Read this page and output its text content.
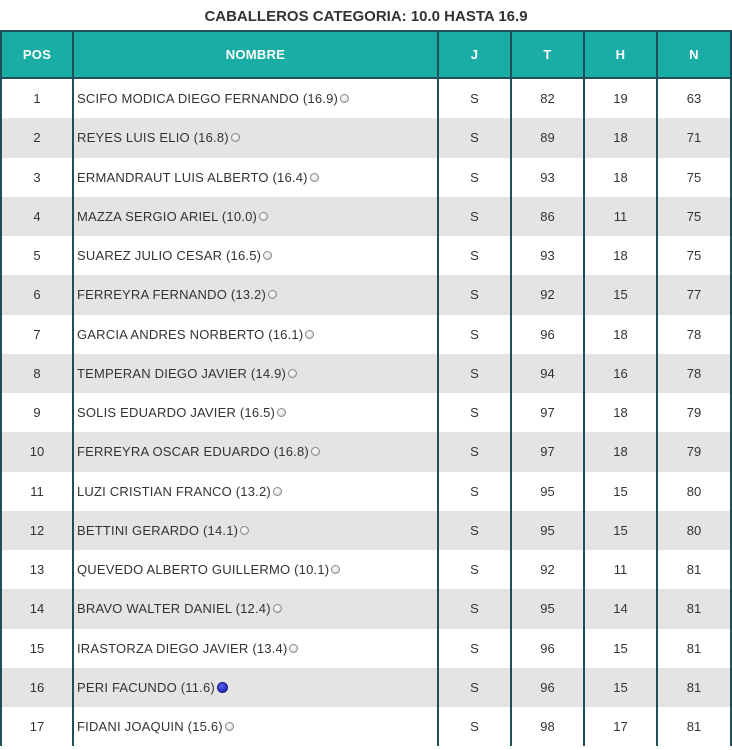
CABALLEROS CATEGORIA: 10.0 HASTA 16.9
POS	NOMBRE	J	T	H	N
1	SCIFO MODICA DIEGO FERNANDO (16.9)	S	82	19	63
2	REYES LUIS ELIO (16.8)	S	89	18	71
3	ERMANDRAUT LUIS ALBERTO (16.4)	S	93	18	75
4	MAZZA SERGIO ARIEL (10.0)	S	86	11	75
5	SUAREZ JULIO CESAR (16.5)	S	93	18	75
6	FERREYRA FERNANDO (13.2)	S	92	15	77
7	GARCIA ANDRES NORBERTO (16.1)	S	96	18	78
8	TEMPERAN DIEGO JAVIER (14.9)	S	94	16	78
9	SOLIS EDUARDO JAVIER (16.5)	S	97	18	79
10	FERREYRA OSCAR EDUARDO (16.8)	S	97	18	79
11	LUZI CRISTIAN FRANCO (13.2)	S	95	15	80
12	BETTINI GERARDO (14.1)	S	95	15	80
13	QUEVEDO ALBERTO GUILLERMO (10.1)	S	92	11	81
14	BRAVO WALTER DANIEL (12.4)	S	95	14	81
15	IRASTORZA DIEGO JAVIER (13.4)	S	96	15	81
16	PERI FACUNDO (11.6)	S	96	15	81
17	FIDANI JOAQUIN (15.6)	S	98	17	81
